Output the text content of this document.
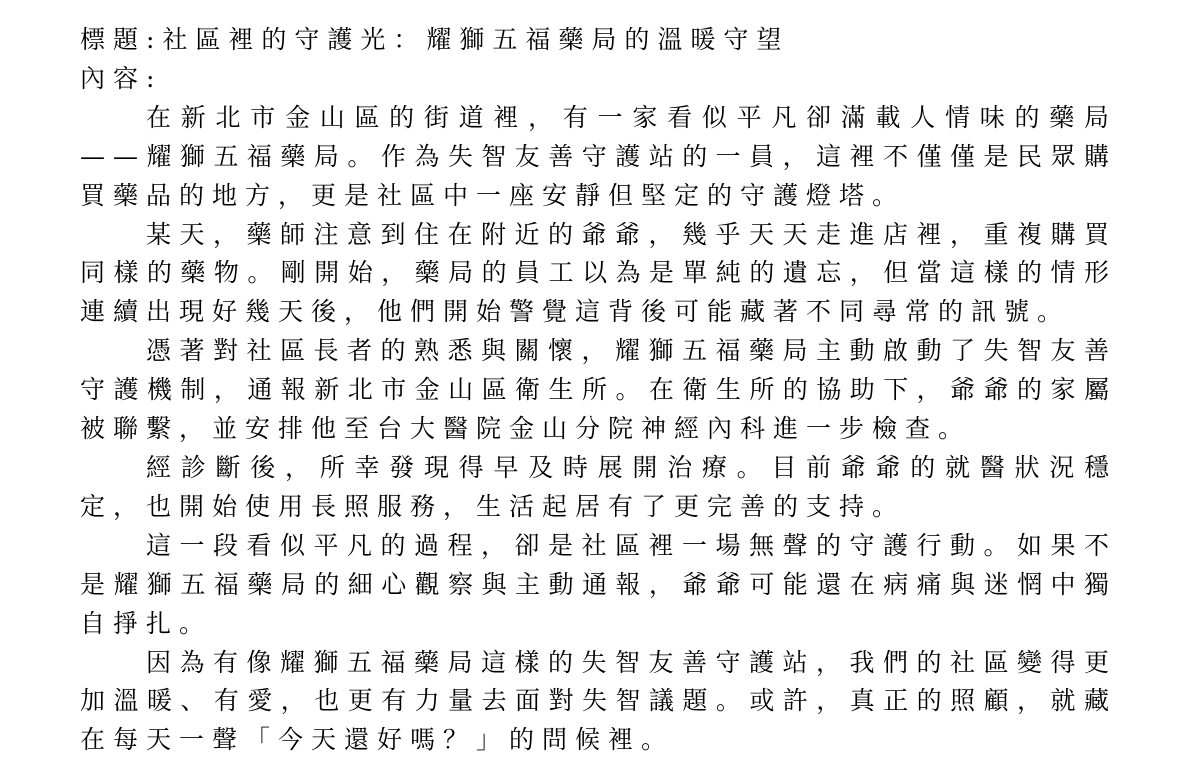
標題:社區裡的守護光：耀獅五福藥局的溫暖守望
內容:

在新北市金山區的街道裡，有一家看似平凡卻滿載人情味的藥局——耀獅五福藥局。作為失智友善守護站的一員，這裡不僅僅是民眾購買藥品的地方，更是社區中一座安靜但堅定的守護燈塔。

某天，藥師注意到住在附近的爺爺，幾乎天天走進店裡，重複購買同樣的藥物。剛開始，藥局的員工以為是單純的遺忘，但當這樣的情形連續出現好幾天後，他們開始警覺這背後可能藏著不同尋常的訊號。

憑著對社區長者的熟悉與關懷，耀獅五福藥局主動啟動了失智友善守護機制，通報新北市金山區衛生所。在衛生所的協助下，爺爺的家屬被聯繫，並安排他至台大醫院金山分院神經內科進一步檢查。

經診斷後，所幸發現得早及時展開治療。目前爺爺的就醫狀況穩定，也開始使用長照服務，生活起居有了更完善的支持。

這一段看似平凡的過程，卻是社區裡一場無聲的守護行動。如果不是耀獅五福藥局的細心觀察與主動通報，爺爺可能還在病痛與迷惘中獨自掙扎。

因為有像耀獅五福藥局這樣的失智友善守護站，我們的社區變得更加溫暖、有愛，也更有力量去面對失智議題。或許，真正的照顧，就藏在每天一聲「今天還好嗎？」的問候裡。
